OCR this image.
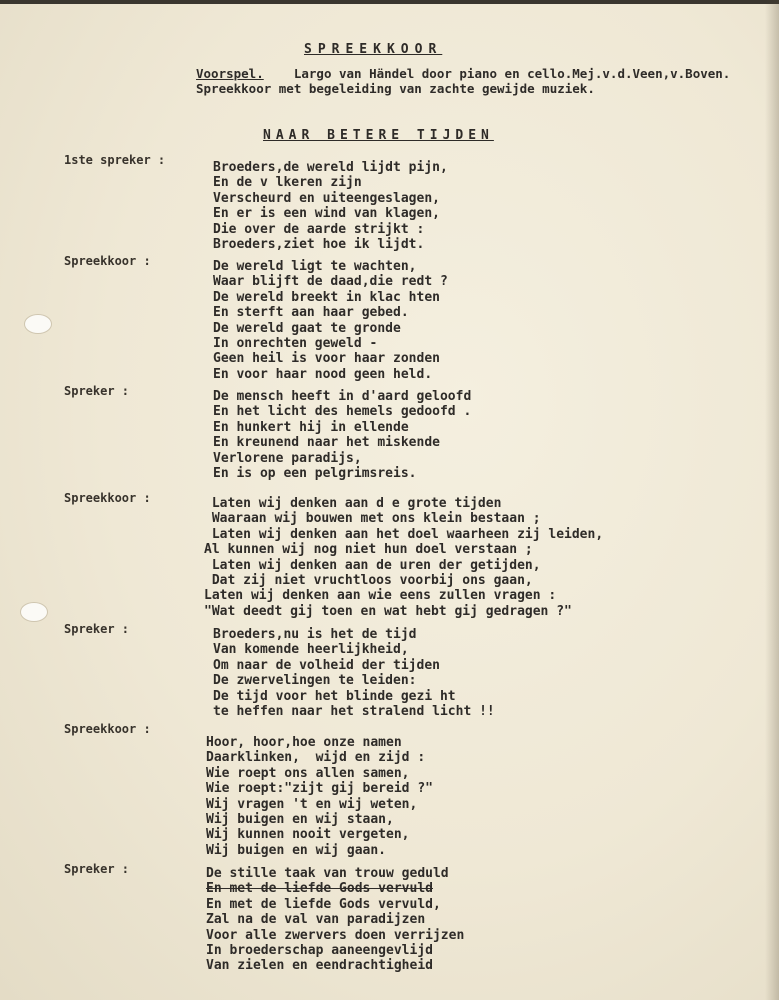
SPREEKKOOR
Voorspel.    Largo van Händel door piano en cello.Mej.v.d.Veen,v.Boven.
Spreekkoor met begeleiding van zachte gewijde muziek.
NAAR BETERE TIJDEN
1ste spreker :	Broeders,de wereld lijdt pijn,
En de v lkeren zijn
Verscheurd en uiteengeslagen,
En er is een wind van klagen,
Die over de aarde strijkt :
Broeders,ziet hoe ik lijdt.
Spreekkoor :	De wereld ligt te wachten,
Waar blijft de daad,die redt ?
De wereld breekt in klac hten
En sterft aan haar gebed.
De wereld gaat te gronde
In onrechten geweld -
Geen heil is voor haar zonden
En voor haar nood geen held.
Spreker :	De mensch heeft in d'aard geloofd
En het licht des hemels gedoofd .
En hunkert hij in ellende
En kreunend naar het miskende
Verlorene paradijs,
En is op een pelgrimsreis.
Spreekkoor :	Laten wij denken aan d e grote tijden
Waaraan wij bouwen met ons klein bestaan ;
Laten wij denken aan het doel waarheen zij leiden,
Al kunnen wij nog niet hun doel verstaan ;
Laten wij denken aan de uren der getijden,
Dat zij niet vruchtloos voorbij ons gaan,
Laten wij denken aan wie eens zullen vragen :
"Wat deedt gij toen en wat hebt gij gedragen ?"
Spreker :	Broeders,nu is het de tijd
Van komende heerlijkheid,
Om naar de volheid der tijden
De zwervelingen te leiden:
De tijd voor het blinde gezi ht
te heffen naar het stralend licht !!
Spreekkoor :
Hoor, hoor,hoe onze namen
Daarklinken,  wijd en zijd :
Wie roept ons allen samen,
Wie roept:"zijt gij bereid ?"
Wij vragen 't en wij weten,
Wij buigen en wij staan,
Wij kunnen nooit vergeten,
Wij buigen en wij gaan.
Spreker :	De stille taak van trouw geduld
En met de liefde Gods vervuld
En met de liefde Gods vervuld,
Zal na de val van paradijzen
Voor alle zwervers doen verrijzen
In broederschap aaneengevlijd
Van zielen en eendrachtigheid
